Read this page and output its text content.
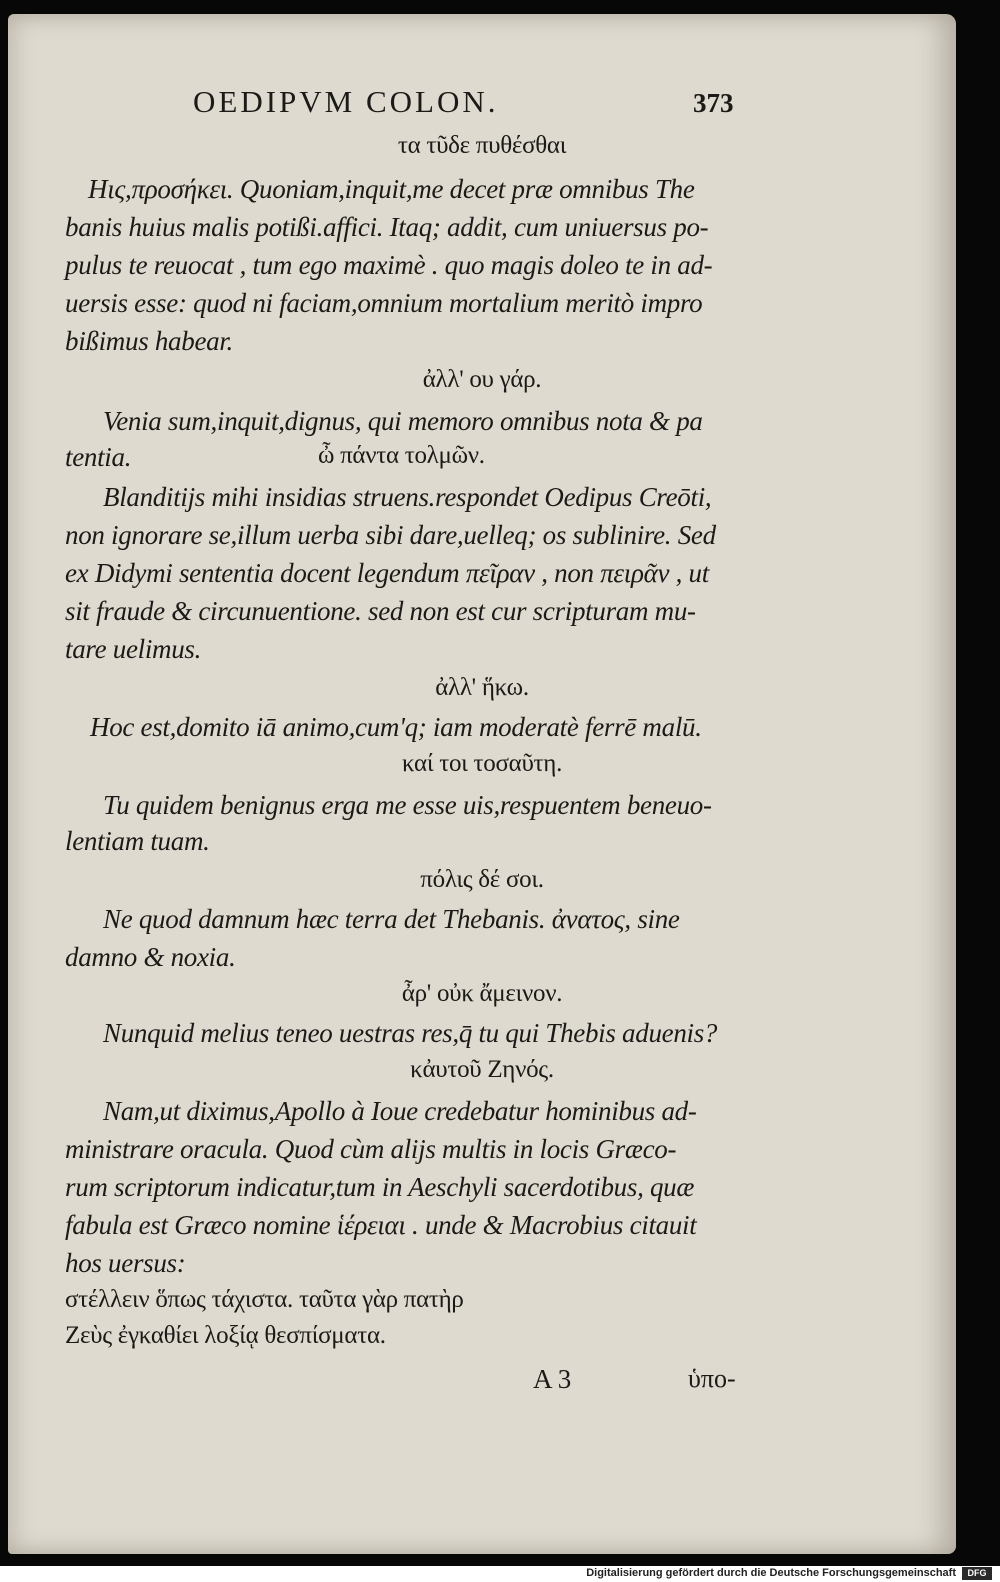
OEDIPVM COLON.	373
τα τῦδε πυθέσθαι
Ηις,προσήκει. Quoniam,inquit,me decet præ omnibus The
banis huius malis potißi.affici. Itaq; addit, cum uniuersus po-
pulus te reuocat , tum ego maximè . quo magis doleo te in ad-
uersis esse: quod ni faciam,omnium mortalium meritò impro
bißimus habear.
ἀλλ' ου γάρ.
Venia sum,inquit,dignus, qui memoro omnibus nota & pa
tentia.	ὦ πάντα τολμῶν.
Blanditijs mihi insidias struens.respondet Oedipus Creōti,
non ignorare se,illum uerba sibi dare,uelleq; os sublinire. Sed
ex Didymi sententia docent legendum πεῖραν , non πειρᾶν , ut
sit fraude & circunuentione. sed non est cur scripturam mu-
tare uelimus.
ἀλλ' ἥκω.
Hoc est,domito iā animo,cum'q; iam moderatè ferrē malū.
καί τοι τοσαῦτη.
Tu quidem benignus erga me esse uis,respuentem beneuo-
lentiam tuam.
πόλις δέ σοι.
Ne quod damnum hæc terra det Thebanis. ἀνατος, sine
damno & noxia.
ἆρ' οὐκ ἄμεινον.
Nunquid melius teneo uestras res,q̄ tu qui Thebis aduenis?
κἀυτοῦ Ζηνός.
Nam,ut diximus,Apollo à Ioue credebatur hominibus ad-
ministrare oracula. Quod cùm alijs multis in locis Græco-
rum scriptorum indicatur,tum in Aeschyli sacerdotibus, quæ
fabula est Græco nomine ἱέρειαι . unde & Macrobius citauit
hos uersus:
στέλλειν ὅπως τάχιστα. ταῦτα γὰρ πατὴρ
Ζεὺς ἐγκαθίει λοξίᾳ θεσπίσματα.
A 3	ὑπο-
Digitalisierung gefördert durch die Deutsche Forschungsgemeinschaft	DFG
